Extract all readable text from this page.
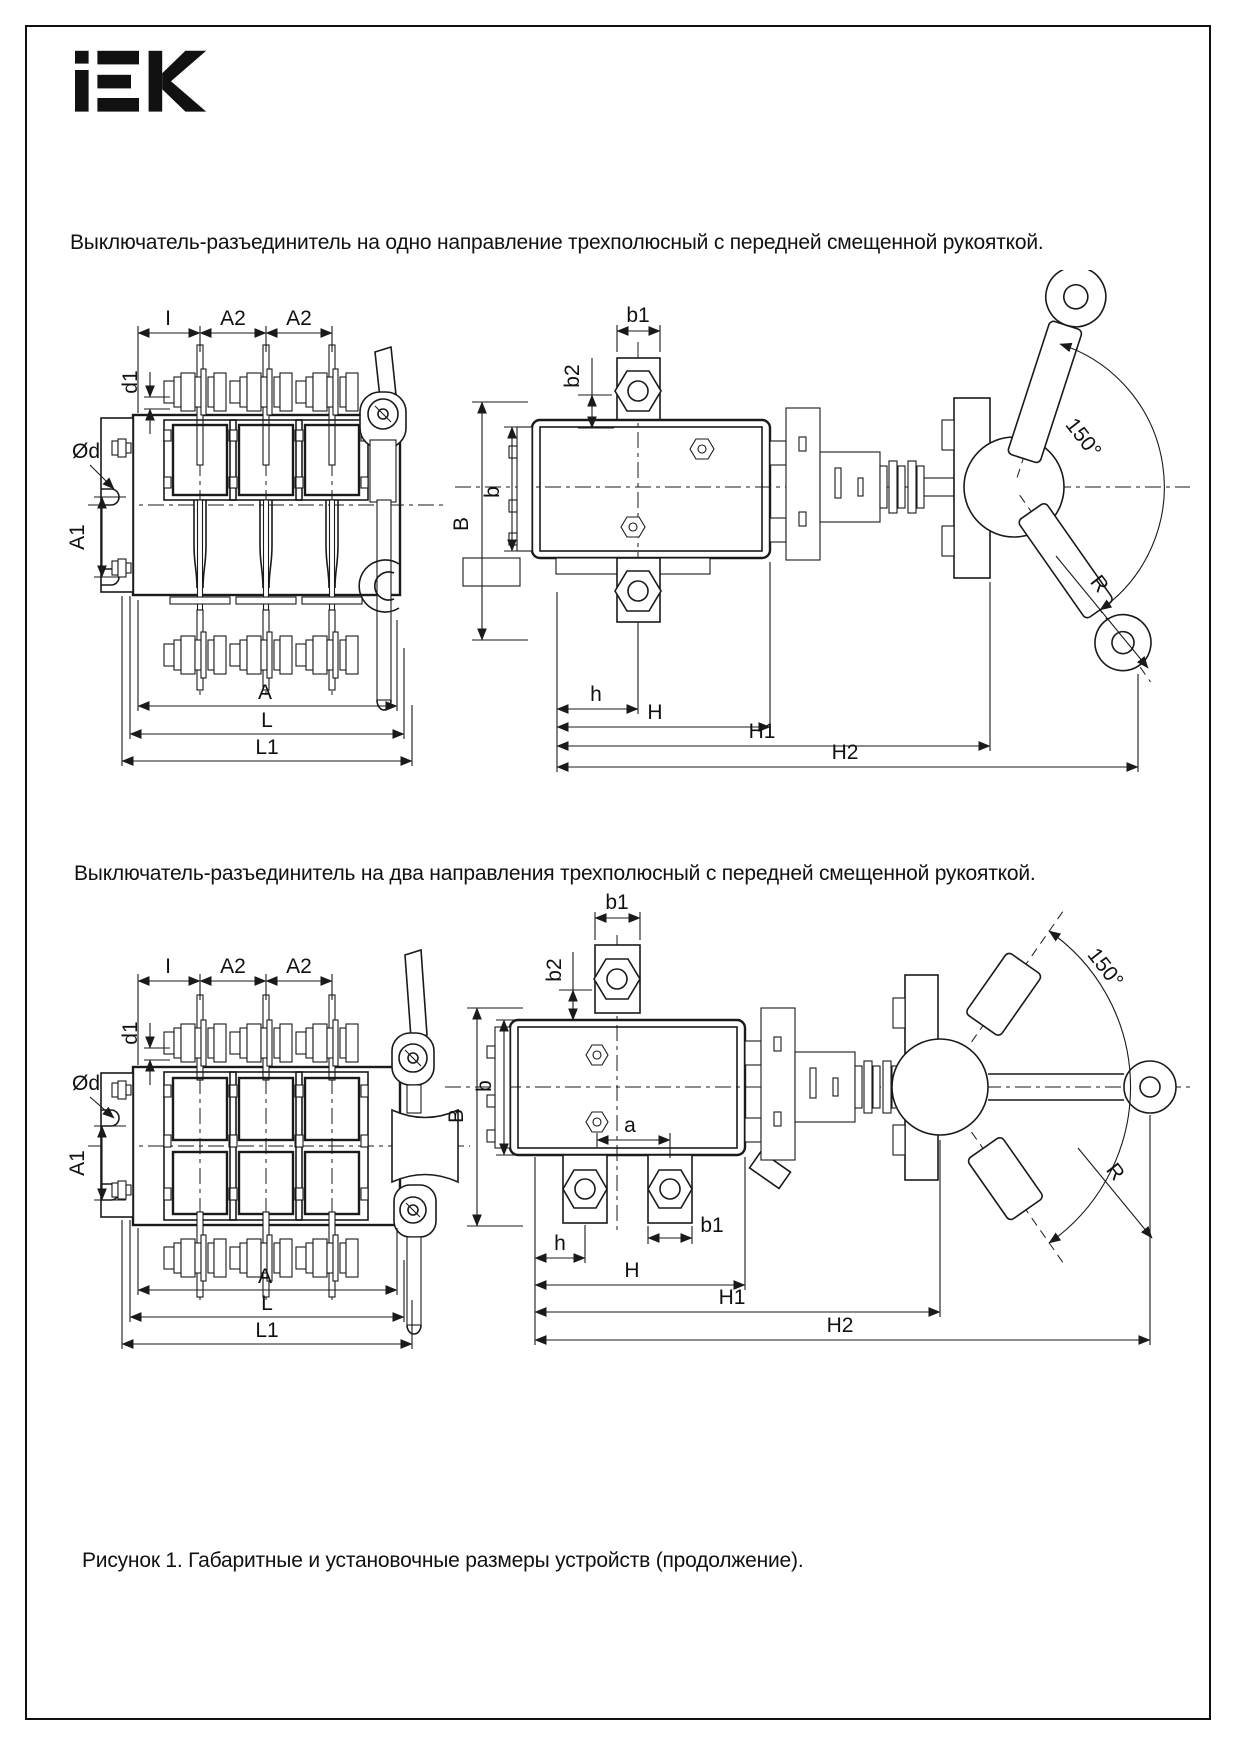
Выключатель-разъединитель на одно направление трехполюсный с передней смещенной рукояткой.
Выключатель-разъединитель на два направления трехполюсный с передней смещенной рукояткой.
Рисунок 1. Габаритные и установочные размеры устройств (продолжение).
I A2 A2
d1
Ød
A1
A
L
L1
150°
R
b1
b2
B
b
h
H
H1
H2
I A2 A2
d1
Ød
A1
A
L
L1
150°
R
b1
b2
B
b
a
b1
h
H
H1
H2
